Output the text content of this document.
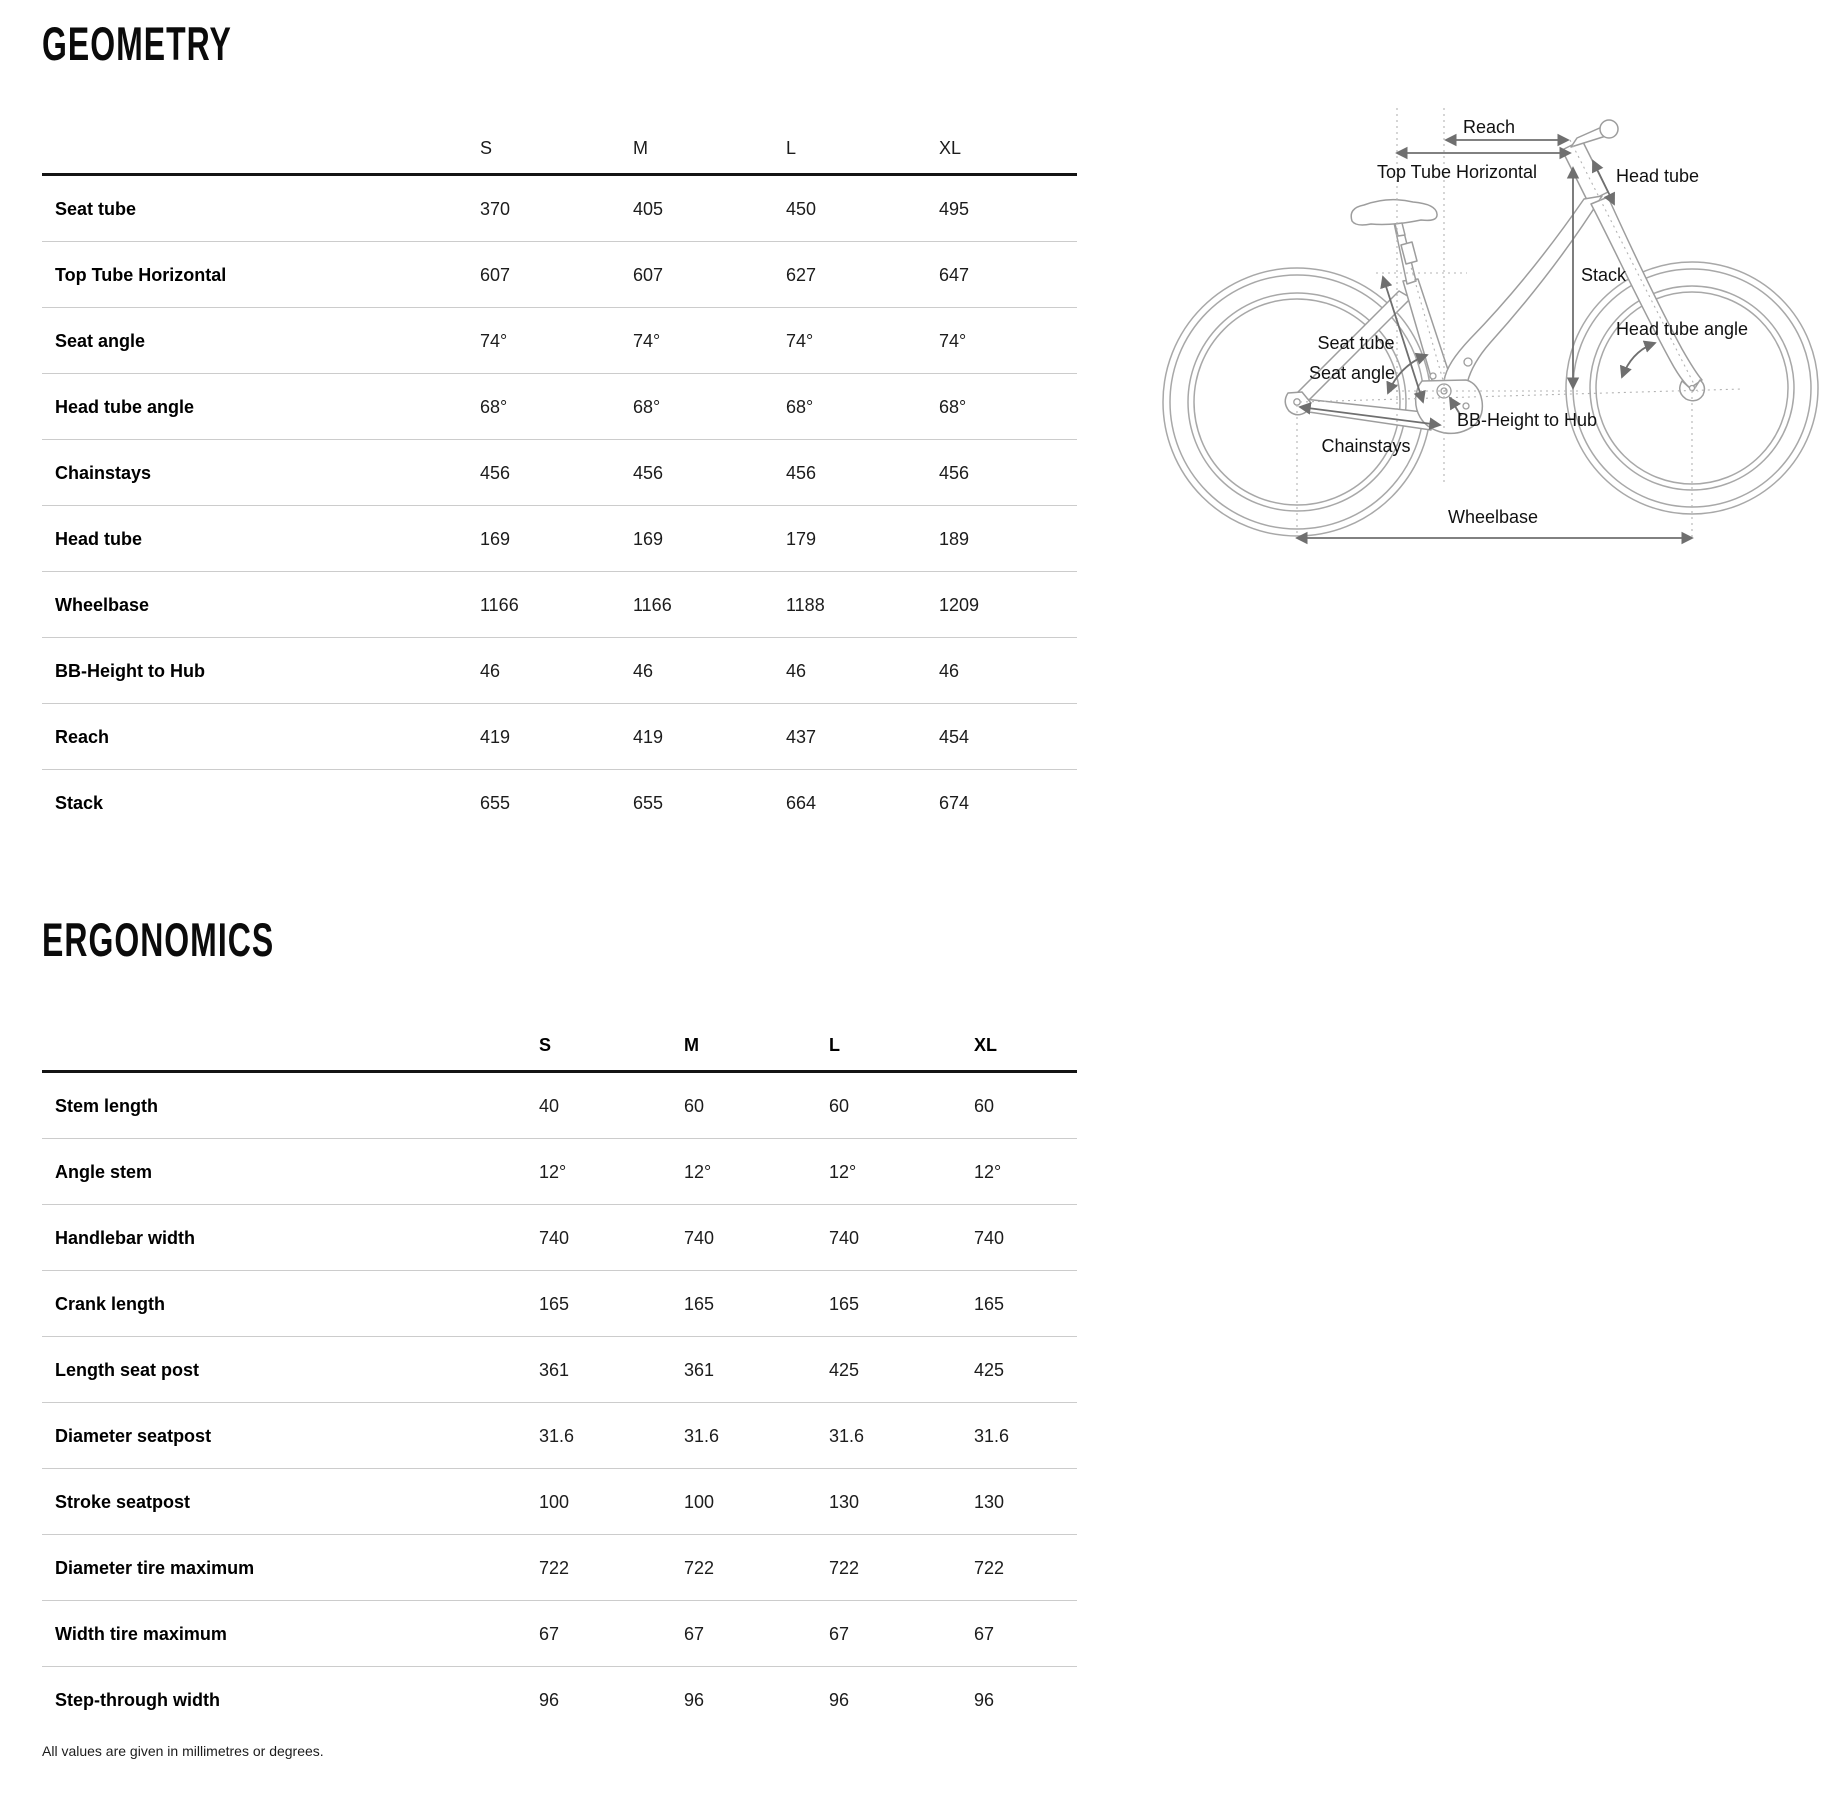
GEOMETRY
S	M	L	XL
Seat tube	370	405	450	495
Top Tube Horizontal	607	607	627	647
Seat angle	74°	74°	74°	74°
Head tube angle	68°	68°	68°	68°
Chainstays	456	456	456	456
Head tube	169	169	179	189
Wheelbase	1166	1166	1188	1209
BB-Height to Hub	46	46	46	46
Reach	419	419	437	454
Stack	655	655	664	674
ERGONOMICS
S	M	L	XL
Stem length	40	60	60	60
Angle stem	12°	12°	12°	12°
Handlebar width	740	740	740	740
Crank length	165	165	165	165
Length seat post	361	361	425	425
Diameter seatpost	31.6	31.6	31.6	31.6
Stroke seatpost	100	100	130	130
Diameter tire maximum	722	722	722	722
Width tire maximum	67	67	67	67
Step-through width	96	96	96	96
Reach
Top Tube Horizontal	Head tube
Stack
Seat tube
Seat angle
Head tube angle
BB-Height to Hub
Chainstays
Wheelbase
All values are given in millimetres or degrees.
